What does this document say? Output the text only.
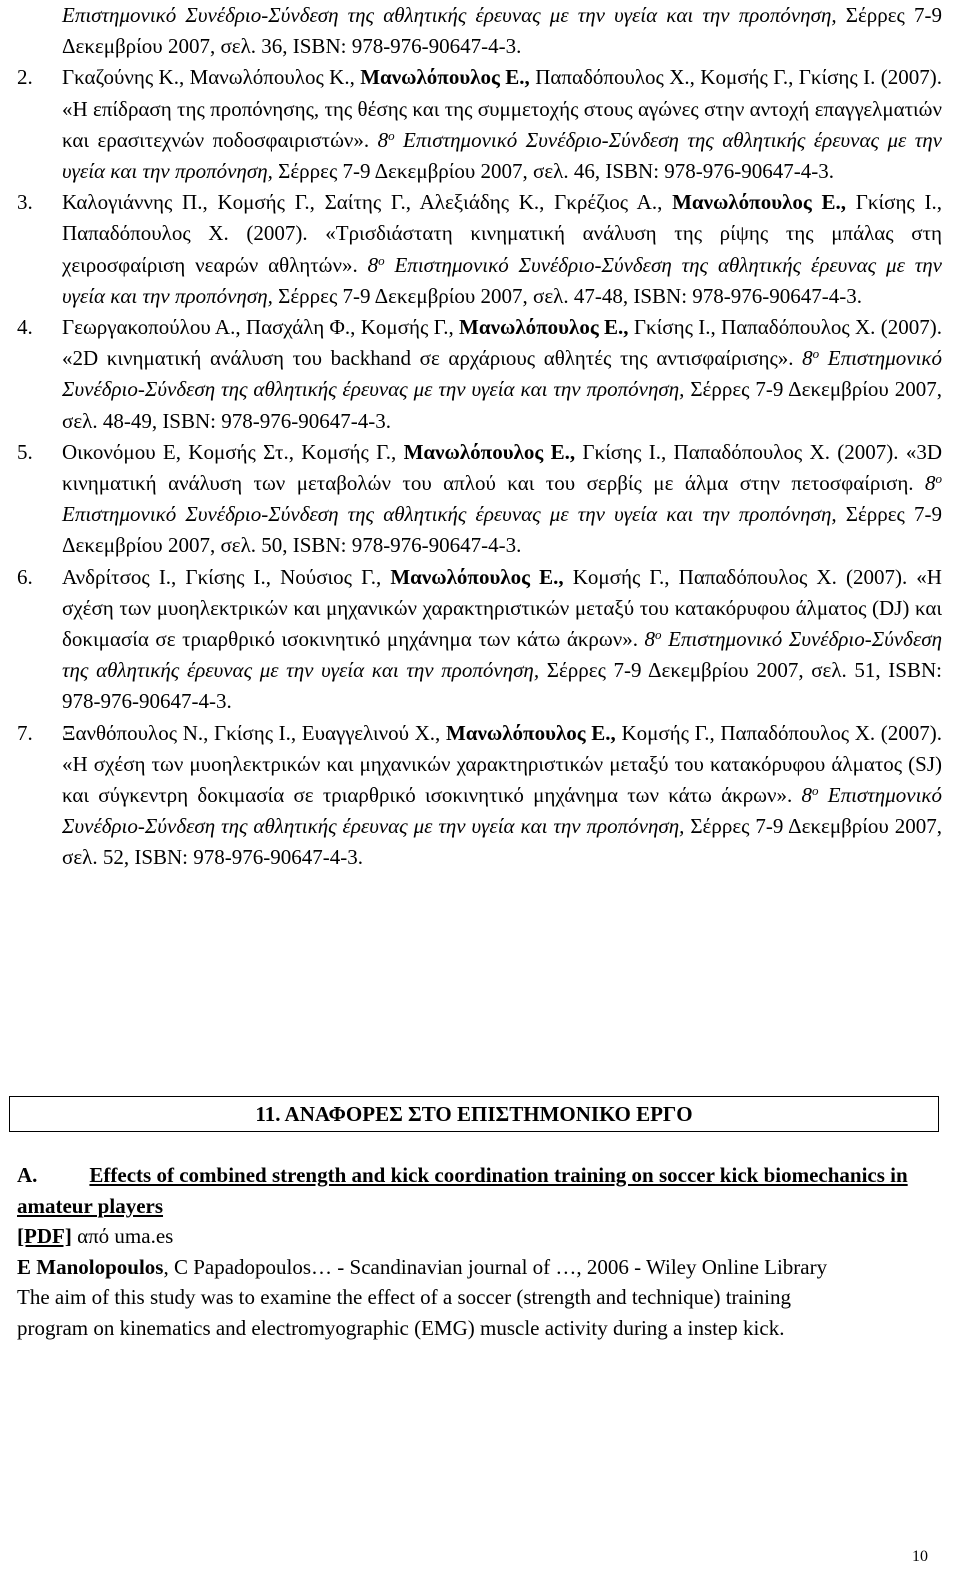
Επιστημονικό Συνέδριο-Σύνδεση της αθλητικής έρευνας με την υγεία και την προπόνηση, Σέρρες 7-9 Δεκεμβρίου 2007, σελ. 36, ISBN: 978-976-90647-4-3.

2. Γκαζούνης Κ., Μανωλόπουλος Κ., Μανωλόπουλος Ε., Παπαδόπουλος Χ., Κομσής Γ., Γκίσης Ι. (2007). «Η επίδραση της προπόνησης, της θέσης και της συμμετοχής στους αγώνες στην αντοχή επαγγελματιών και ερασιτεχνών ποδοσφαιριστών». $8^o$ Επιστημονικό Συνέδριο-Σύνδεση της αθλητικής έρευνας με την υγεία και την προπόνηση, Σέρρες 7-9 Δεκεμβρίου 2007, σελ. 46, ISBN: 978-976-90647-4-3.

3. Καλογιάννης Π., Κομσής Γ., Σαίτης Γ., Αλεξιάδης Κ., Γκρέζιος Α., Μανωλόπουλος Ε., Γκίσης Ι., Παπαδόπουλος Χ. (2007). «Τρισδιάστατη κινηματική ανάλυση της ρίψης της μπάλας στη χειροσφαίριση νεαρών αθλητών». $8^o$ Επιστημονικό Συνέδριο-Σύνδεση της αθλητικής έρευνας με την υγεία και την προπόνηση, Σέρρες 7-9 Δεκεμβρίου 2007, σελ. 47-48, ISBN: 978-976-90647-4-3.

4. Γεωργακοπούλου Α., Πασχάλη Φ., Κομσής Γ., Μανωλόπουλος Ε., Γκίσης Ι., Παπαδόπουλος Χ. (2007). «2D κινηματική ανάλυση του backhand σε αρχάριους αθλητές της αντισφαίρισης». $8^o$ Επιστημονικό Συνέδριο-Σύνδεση της αθλητικής έρευνας με την υγεία και την προπόνηση, Σέρρες 7-9 Δεκεμβρίου 2007, σελ. 48-49, ISBN: 978-976-90647-4-3.

5. Οικονόμου Ε, Κομσής Στ., Κομσής Γ., Μανωλόπουλος Ε., Γκίσης Ι., Παπαδόπουλος Χ. (2007). «3D κινηματική ανάλυση των μεταβολών του απλού και του σερβίς με άλμα στην πετοσφαίριση. $8^o$ Επιστημονικό Συνέδριο-Σύνδεση της αθλητικής έρευνας με την υγεία και την προπόνηση, Σέρρες 7-9 Δεκεμβρίου 2007, σελ. 50, ISBN: 978-976-90647-4-3.

6. Ανδρίτσος Ι., Γκίσης Ι., Νούσιος Γ., Μανωλόπουλος Ε., Κομσής Γ., Παπαδόπουλος Χ. (2007). «Η σχέση των μυοηλεκτρικών και μηχανικών χαρακτηριστικών μεταξύ του κατακόρυφου άλματος (DJ) και δοκιμασία σε τριαρθρικό ισοκινητικό μηχάνημα των κάτω άκρων». $8^o$ Επιστημονικό Συνέδριο-Σύνδεση της αθλητικής έρευνας με την υγεία και την προπόνηση, Σέρρες 7-9 Δεκεμβρίου 2007, σελ. 51, ISBN: 978-976-90647-4-3.

7. Ξανθόπουλος Ν., Γκίσης Ι., Ευαγγελινού Χ., Μανωλόπουλος Ε., Κομσής Γ., Παπαδόπουλος Χ. (2007). «Η σχέση των μυοηλεκτρικών και μηχανικών χαρακτηριστικών μεταξύ του κατακόρυφου άλματος (SJ) και σύγκεντρη δοκιμασία σε τριαρθρικό ισοκινητικό μηχάνημα των κάτω άκρων». $8^o$ Επιστημονικό Συνέδριο-Σύνδεση της αθλητικής έρευνας με την υγεία και την προπόνηση, Σέρρες 7-9 Δεκεμβρίου 2007, σελ. 52, ISBN: 978-976-90647-4-3.

11. ΑΝΑΦΟΡΕΣ ΣΤΟ ΕΠΙΣΤΗΜΟΝΙΚΟ ΕΡΓΟ

A. Effects of combined strength and kick coordination training on soccer kick biomechanics in amateur players

[PDF] από uma.es

E Manolopoulos, C Papadopoulos… - Scandinavian journal of …, 2006 - Wiley Online Library

The aim of this study was to examine the effect of a soccer (strength and technique) training

program on kinematics and electromyographic (EMG) muscle activity during a instep kick.

10
